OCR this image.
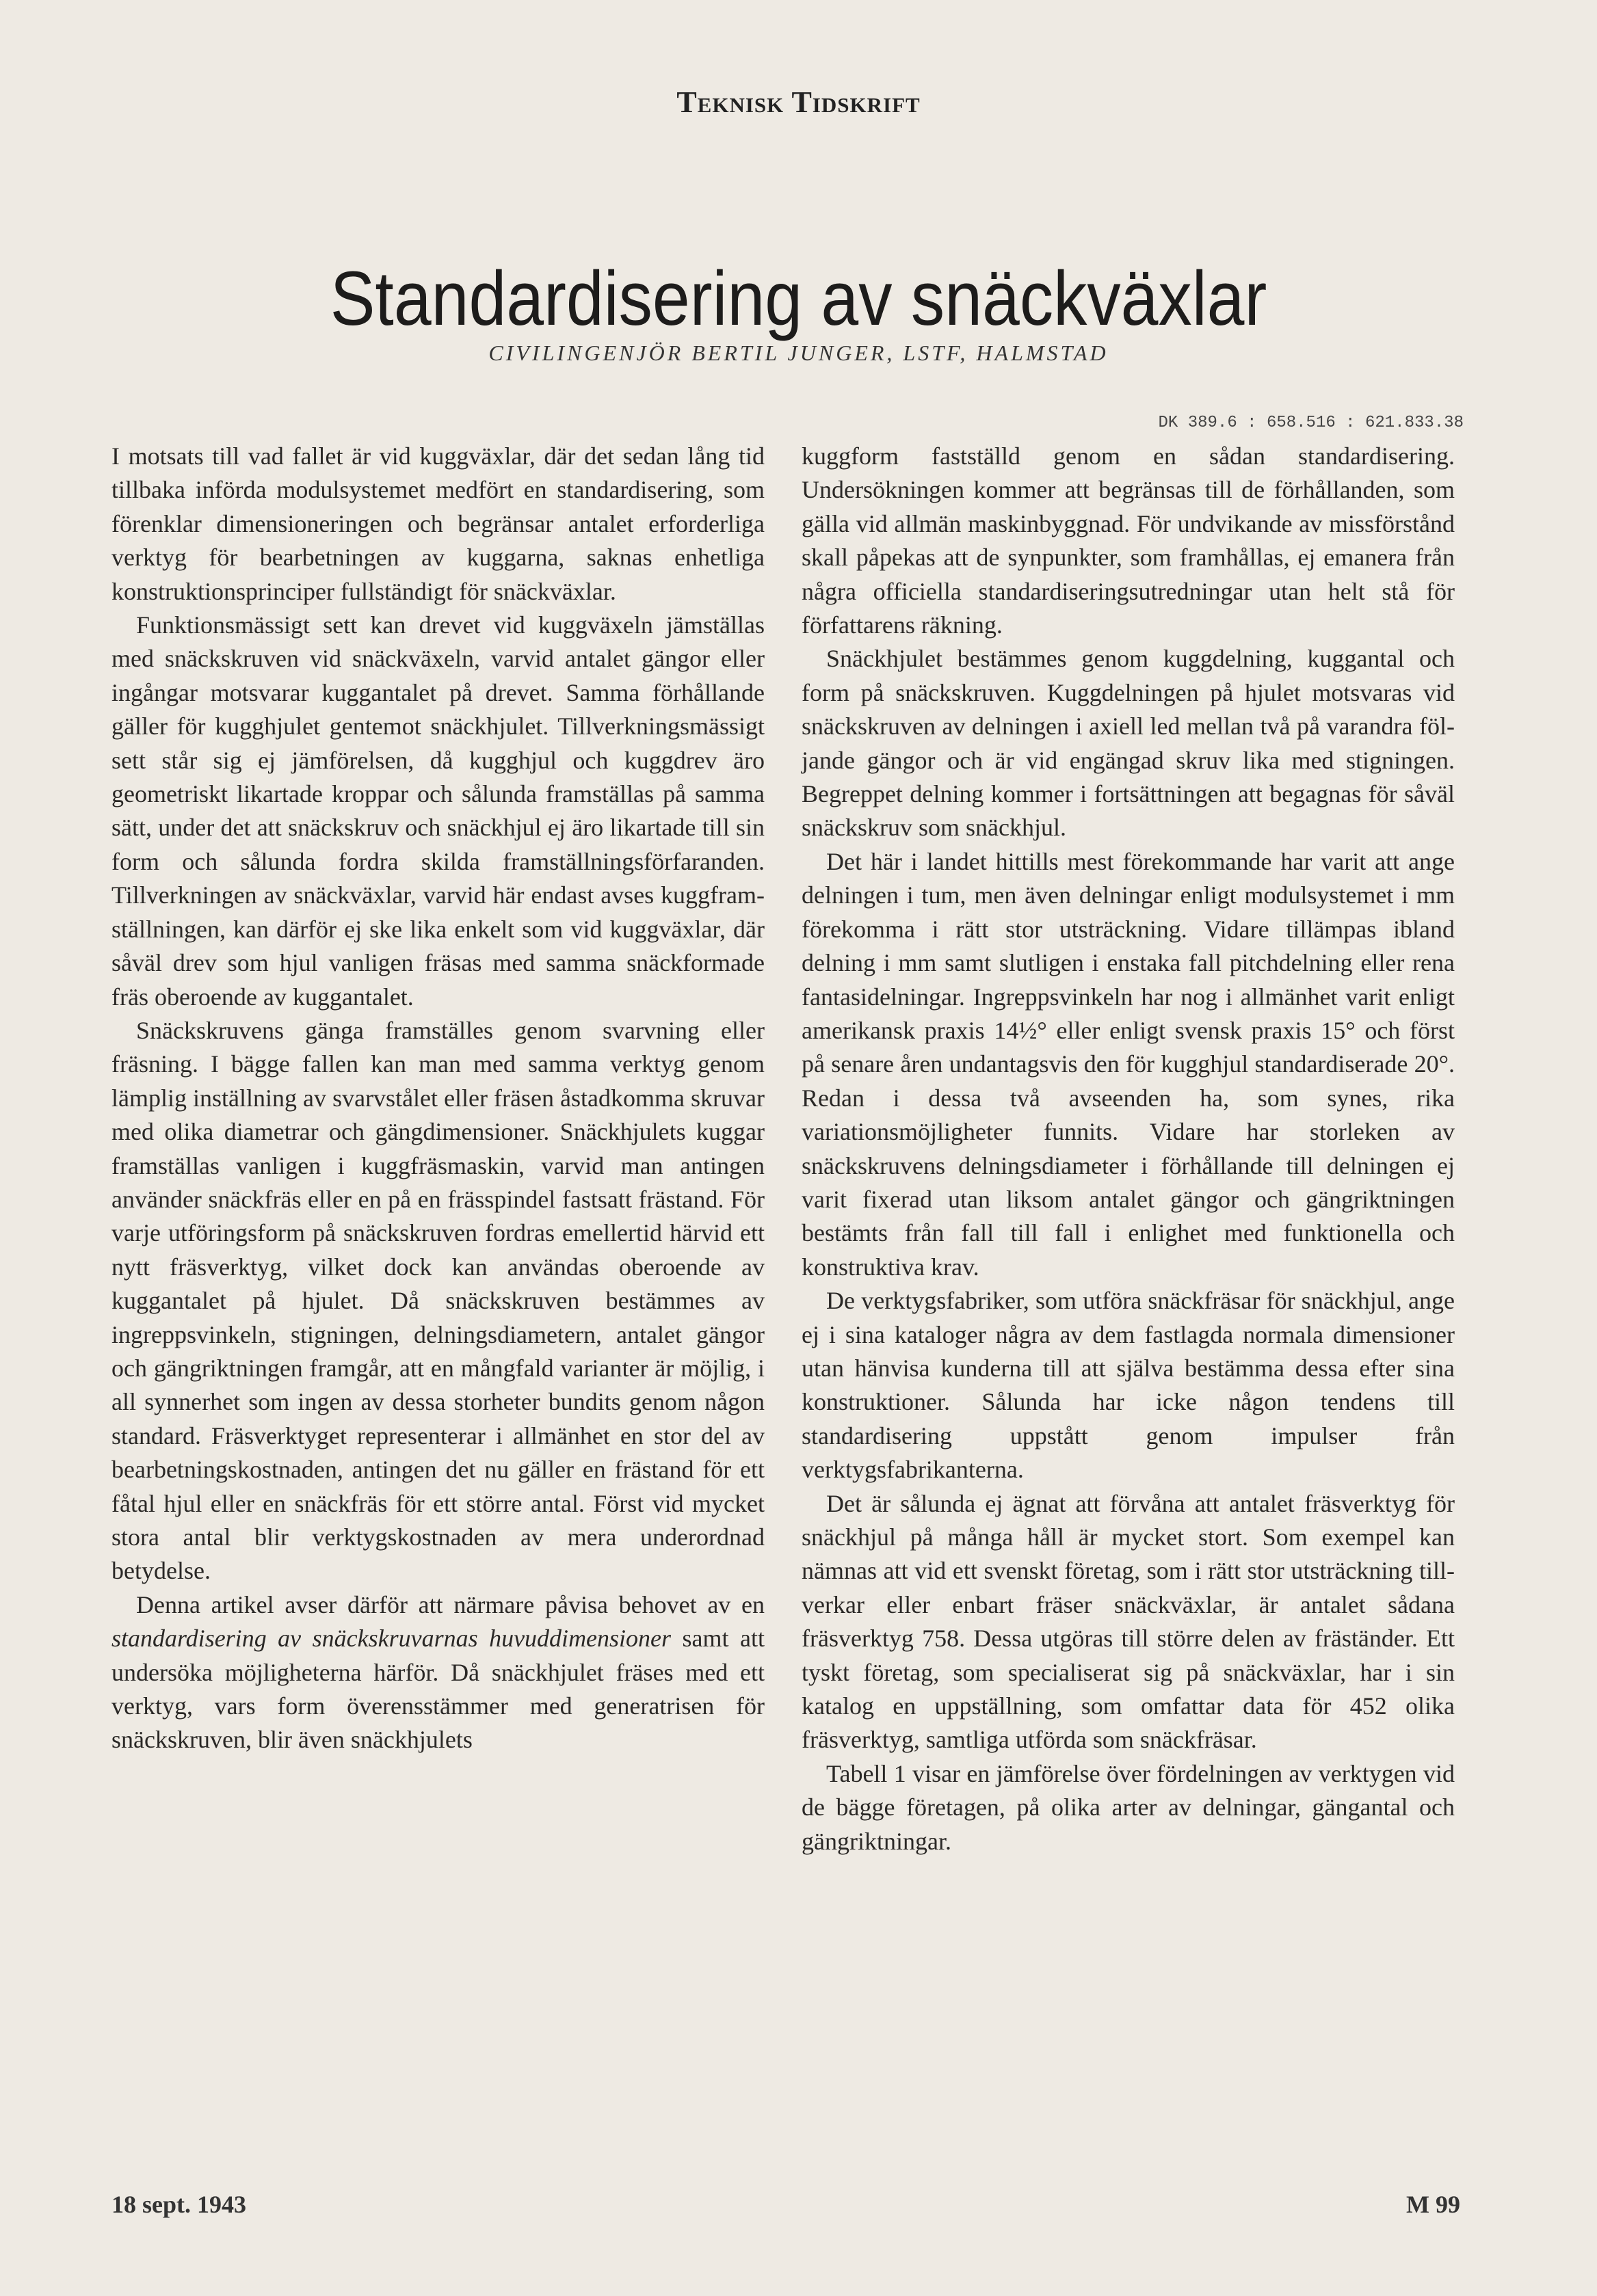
Teknisk Tidskrift
Standardisering av snäckväxlar
CIVILINGENJÖR BERTIL JUNGER, LSTF, HALMSTAD
DK 389.6 : 658.516 : 621.833.38

I motsats till vad fallet är vid kuggväxlar, där det sedan lång tid tillbaka införda modulsystemet medfört en standardisering, som förenklar dimensioneringen och begränsar antalet erforderliga verktyg för bearbetningen av kuggarna, saknas enhetliga konstruktionsprinciper fullständigt för snäckväxlar.

Funktionsmässigt sett kan drevet vid kuggväxeln jämställas med snäckskruven vid snäckväxeln, varvid antalet gängor eller ingångar motsvarar kuggantalet på drevet. Samma förhållande gäller för kugghjulet gentemot snäckhjulet. Tillverkningsmässigt sett står sig ej jämförelsen, då kugghjul och kuggdrev äro geometriskt likartade kroppar och sålunda framställas på samma sätt, under det att snäckskruv och snäckhjul ej äro likartade till sin form och sålunda fordra skilda framställningsförfaranden. Tillverkningen av snäckväxlar, varvid här endast avses kuggframställningen, kan därför ej ske lika enkelt som vid kuggväxlar, där såväl drev som hjul vanligen fräsas med samma snäckformade fräs oberoende av kuggantalet.

Snäckskruvens gänga framställes genom svarvning eller fräsning. I bägge fallen kan man med samma verktyg genom lämplig inställning av svarvstålet eller fräsen åstadkomma skruvar med olika diametrar och gängdimensioner. Snäckhjulets kuggar framställas vanligen i kuggfräsmaskin, varvid man antingen använder snäckfräs eller en på en frässpindel fastsatt frästand. För varje utföringsform på snäckskruven fordras emellertid härvid ett nytt fräsverktyg, vilket dock kan användas oberoende av kuggantalet på hjulet. Då snäckskruven bestämmes av ingreppsvinkeln, stigningen, delningsdiametern, antalet gängor och gängriktningen framgår, att en mångfald varianter är möjlig, i all synnerhet som ingen av dessa storheter bundits genom någon standard. Fräsverktyget representerar i allmänhet en stor del av bearbetningskostnaden, antingen det nu gäller en frästand för ett fåtal hjul eller en snäckfräs för ett större antal. Först vid mycket stora antal blir verktygskostnaden av mera underordnad betydelse.

Denna artikel avser därför att närmare påvisa behovet av en standardisering av snäckskruvarnas huvuddimensioner samt att undersöka möjligheterna härför. Då snäckhjulet fräses med ett verktyg, vars form överensstämmer med generatrisen för snäckskruven, blir även snäckhjulets

kuggform fastställd genom en sådan standardisering. Undersökningen kommer att begränsas till de förhållanden, som gälla vid allmän maskinbyggnad. För undvikande av missförstånd skall påpekas att de synpunkter, som framhållas, ej emanera från några officiella standardiseringsutredningar utan helt stå för författarens räkning.

Snäckhjulet bestämmes genom kuggdelning, kuggantal och form på snäckskruven. Kuggdelningen på hjulet motsvaras vid snäckskruven av delningen i axiell led mellan två på varandra följande gängor och är vid engängad skruv lika med stigningen. Begreppet delning kommer i fortsättningen att begagnas för såväl snäckskruv som snäckhjul.

Det här i landet hittills mest förekommande har varit att ange delningen i tum, men även delningar enligt modulsystemet i mm förekomma i rätt stor utsträckning. Vidare tillämpas ibland delning i mm samt slutligen i enstaka fall pitchdelning eller rena fantasidelningar. Ingreppsvinkeln har nog i allmänhet varit enligt amerikansk praxis 14½° eller enligt svensk praxis 15° och först på senare åren undantagsvis den för kugghjul standardiserade 20°. Redan i dessa två avseenden ha, som synes, rika variationsmöjligheter funnits. Vidare har storleken av snäckskruvens delningsdiameter i förhållande till delningen ej varit fixerad utan liksom antalet gängor och gängriktningen bestämts från fall till fall i enlighet med funktionella och konstruktiva krav.

De verktygsfabriker, som utföra snäckfräsar för snäckhjul, ange ej i sina kataloger några av dem fastlagda normala dimensioner utan hänvisa kunderna till att själva bestämma dessa efter sina konstruktioner. Sålunda har icke någon tendens till standardisering uppstått genom impulser från verktygsfabrikanterna.

Det är sålunda ej ägnat att förvåna att antalet fräsverktyg för snäckhjul på många håll är mycket stort. Som exempel kan nämnas att vid ett svenskt företag, som i rätt stor utsträckning tillverkar eller enbart fräser snäckväxlar, är antalet sådana fräsverktyg 758. Dessa utgöras till större delen av fräständer. Ett tyskt företag, som specialiserat sig på snäckväxlar, har i sin katalog en uppställning, som omfattar data för 452 olika fräsverktyg, samtliga utförda som snäckfräsar.

Tabell 1 visar en jämförelse över fördelningen av verktygen vid de bägge företagen, på olika arter av delningar, gängantal och gängriktningar.

18 sept. 1943	M 99
